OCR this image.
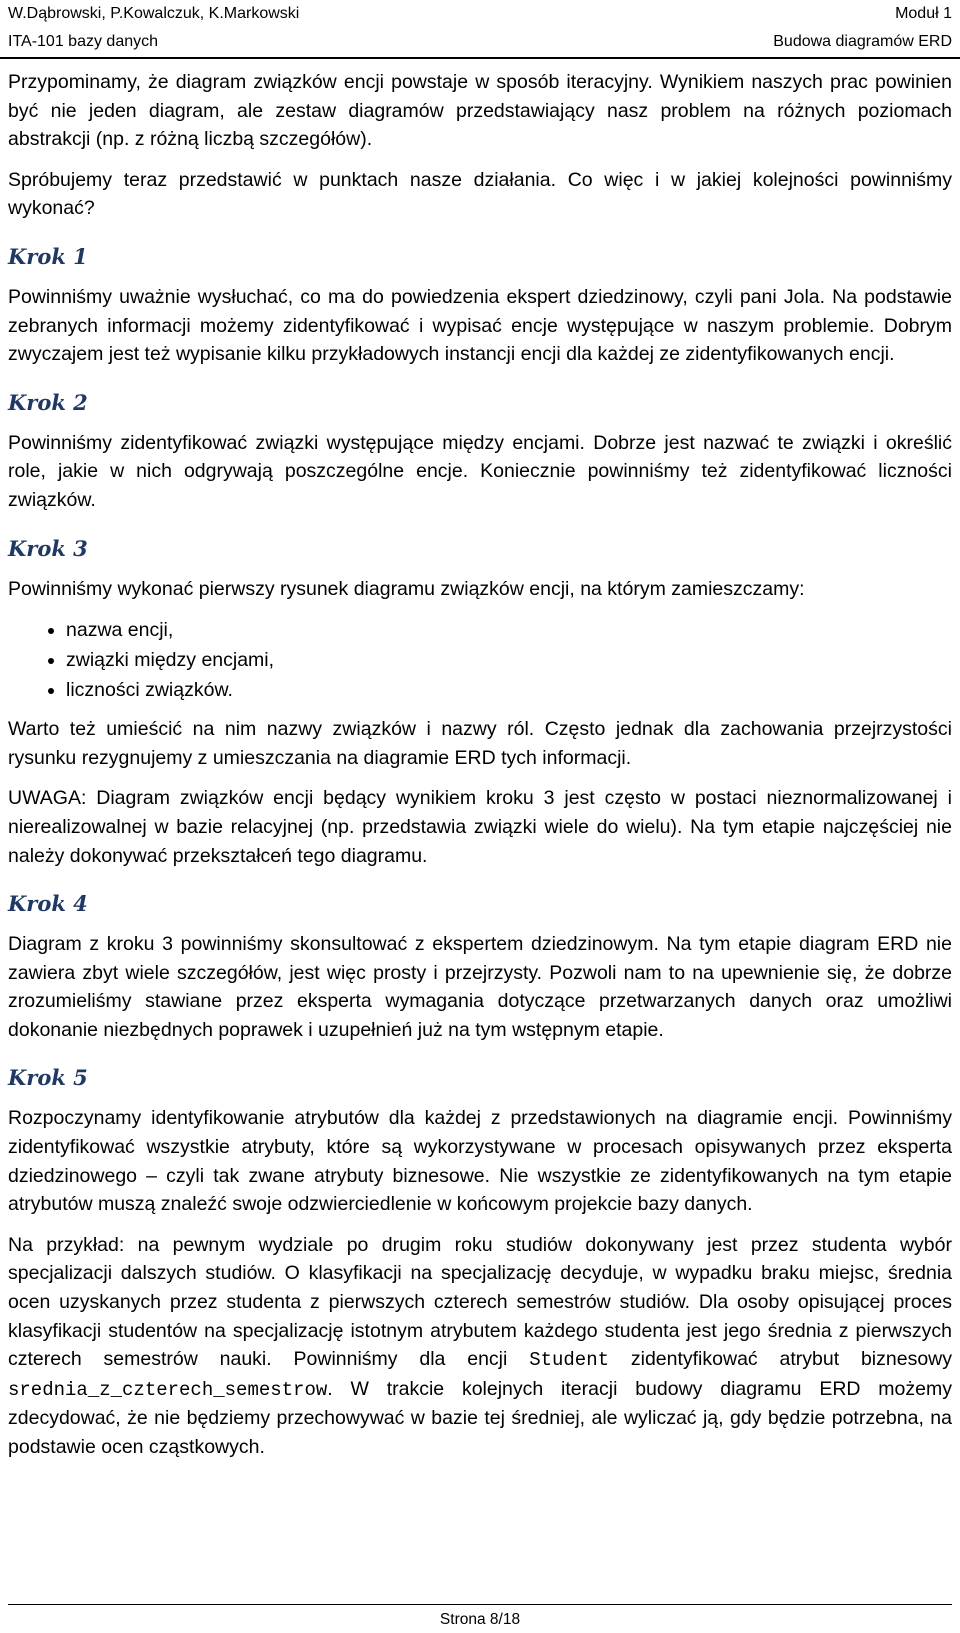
W.Dąbrowski, P.Kowalczuk, K.Markowski	Moduł 1
ITA-101 bazy danych	Budowa diagramów ERD

Przypominamy, że diagram związków encji powstaje w sposób iteracyjny. Wynikiem naszych prac powinien być nie jeden diagram, ale zestaw diagramów przedstawiający nasz problem na różnych poziomach abstrakcji (np. z różną liczbą szczegółów).

Spróbujemy teraz przedstawić w punktach nasze działania. Co więc i w jakiej kolejności powinniśmy wykonać?

Krok 1

Powinniśmy uważnie wysłuchać, co ma do powiedzenia ekspert dziedzinowy, czyli pani Jola. Na podstawie zebranych informacji możemy zidentyfikować i wypisać encje występujące w naszym problemie. Dobrym zwyczajem jest też wypisanie kilku przykładowych instancji encji dla każdej ze zidentyfikowanych encji.

Krok 2

Powinniśmy zidentyfikować związki występujące między encjami. Dobrze jest nazwać te związki i określić role, jakie w nich odgrywają poszczególne encje. Koniecznie powinniśmy też zidentyfikować liczności związków.

Krok 3

Powinniśmy wykonać pierwszy rysunek diagramu związków encji, na którym zamieszczamy:

• nazwa encji,
• związki między encjami,
• liczności związków.

Warto też umieścić na nim nazwy związków i nazwy ról. Często jednak dla zachowania przejrzystości rysunku rezygnujemy z umieszczania na diagramie ERD tych informacji.

UWAGA: Diagram związków encji będący wynikiem kroku 3 jest często w postaci nieznormalizowanej i nierealizowalnej w bazie relacyjnej (np. przedstawia związki wiele do wielu). Na tym etapie najczęściej nie należy dokonywać przekształceń tego diagramu.

Krok 4

Diagram z kroku 3 powinniśmy skonsultować z ekspertem dziedzinowym. Na tym etapie diagram ERD nie zawiera zbyt wiele szczegółów, jest więc prosty i przejrzysty. Pozwoli nam to na upewnienie się, że dobrze zrozumieliśmy stawiane przez eksperta wymagania dotyczące przetwarzanych danych oraz umożliwi dokonanie niezbędnych poprawek i uzupełnień już na tym wstępnym etapie.

Krok 5

Rozpoczynamy identyfikowanie atrybutów dla każdej z przedstawionych na diagramie encji. Powinniśmy zidentyfikować wszystkie atrybuty, które są wykorzystywane w procesach opisywanych przez eksperta dziedzinowego – czyli tak zwane atrybuty biznesowe. Nie wszystkie ze zidentyfikowanych na tym etapie atrybutów muszą znaleźć swoje odzwierciedlenie w końcowym projekcie bazy danych.

Na przykład: na pewnym wydziale po drugim roku studiów dokonywany jest przez studenta wybór specjalizacji dalszych studiów. O klasyfikacji na specjalizację decyduje, w wypadku braku miejsc, średnia ocen uzyskanych przez studenta z pierwszych czterech semestrów studiów. Dla osoby opisującej proces klasyfikacji studentów na specjalizację istotnym atrybutem każdego studenta jest jego średnia z pierwszych czterech semestrów nauki. Powinniśmy dla encji Student zidentyfikować atrybut biznesowy srednia_z_czterech_semestrow. W trakcie kolejnych iteracji budowy diagramu ERD możemy zdecydować, że nie będziemy przechowywać w bazie tej średniej, ale wyliczać ją, gdy będzie potrzebna, na podstawie ocen cząstkowych.

Strona 8/18
